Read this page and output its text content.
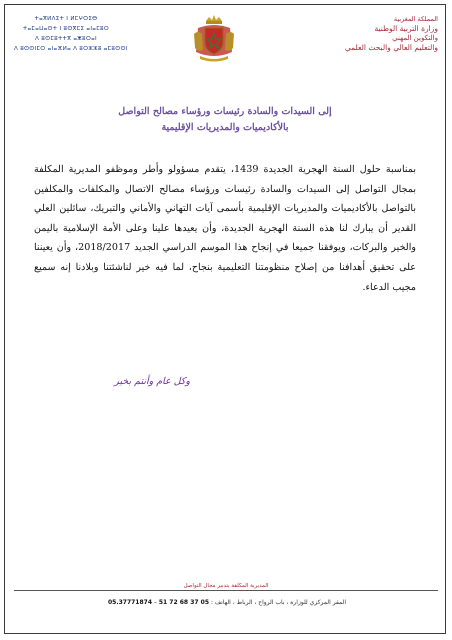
ⵜⴰⴳⵍⴷⵉⵜ ⵏ ⵍⵎⵖⵔⵉⴱ
ⵜⴰⵎⴰⵡⴰⵙⵜ ⵏ ⵓⵙⴳⵎⵉ ⴰⵏⴰⵎⵓⵔ
ⴷ ⵓⵙⵎⵓⵜⵜⴳ ⴰⵥⵓⵔⴰⵏ
ⴷ ⵓⵙⵙⵏⵎⵔ ⴰⵏⴰⴼⵍⴰ ⴷ ⵓⵔⵣⵣⵓ ⴰⵎⵓⵙⵙⵏ
المملكة المغربية
وزارة التربية الوطنية
والتكوين المهني
والتعليم العالي والبحث العلمي
إلى السيدات والسادة رئيسات ورؤساء مصالح التواصل
بالأكاديميات والمديريات الإقليمية

بمناسبة حلول السنة الهجرية الجديدة 1439، يتقدم مسؤولو وأطر وموظفو المديرية المكلفة بمجال التواصل إلى السيدات والسادة رئيسات ورؤساء مصالح الاتصال والمكلفات والمكلفين بالتواصل بالأكاديميات والمديريات الإقليمية بأسمى آيات التهاني والأماني والتبريك، سائلين العلي القدير أن يبارك لنا هذه السنة الهجرية الجديدة، وأن يعيدها علينا وعلى الأمة الإسلامية باليمن والخير والبركات، ويوفقنا جميعا في إنجاح هذا الموسم الدراسي الجديد 2018/2017، وأن يعيننا على تحقيق أهدافنا من إصلاح منظومتنا التعليمية بنجاح، لما فيه خير لناشئتنا وبلادنا إنه سميع مجيب الدعاء.

وكل عام وأنتم بخير
المديرية المكلفة بتدبير مجال التواصل
المقر المركزي للوزارة ، باب الرواح ، الرباط ، الهاتف : 05 37 68 72 51 – 05.37771874
